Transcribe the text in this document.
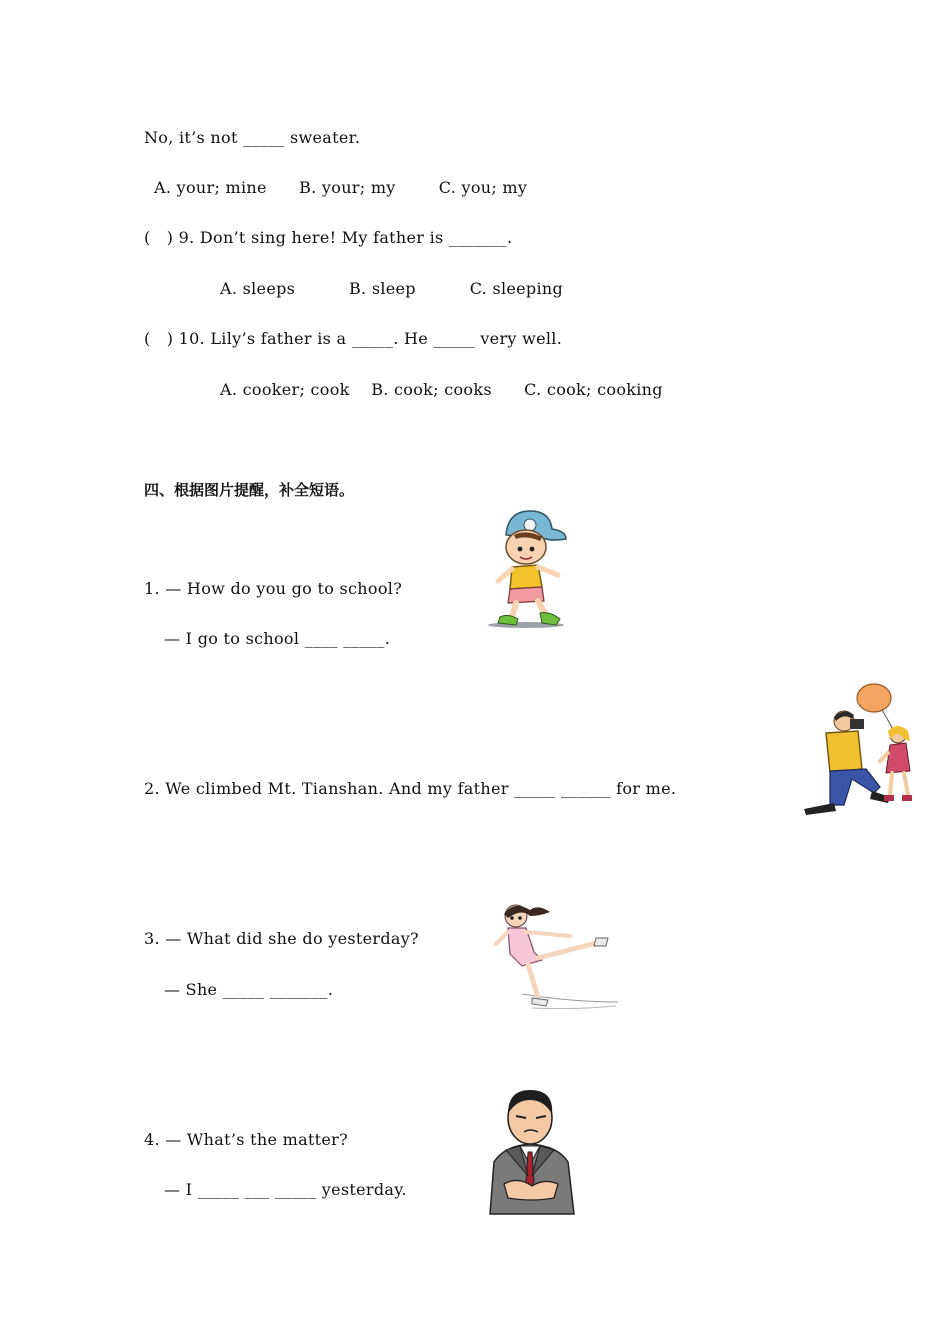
No, it’s not _____ sweater.
A. your; mine      B. your; my        C. you; my
(   ) 9. Don’t sing here! My father is _______.
A. sleeps          B. sleep          C. sleeping
(   ) 10. Lily’s father is a _____. He _____ very well.
A. cooker; cook    B. cook; cooks      C. cook; cooking
四、根据图片提醒，补全短语。
1. — How do you go to school?
— I go to school ____ _____.
2. We climbed Mt. Tianshan. And my father _____ ______ for me.
3. — What did she do yesterday?
— She _____ _______.
4. — What’s the matter?
— I _____ ___ _____ yesterday.
